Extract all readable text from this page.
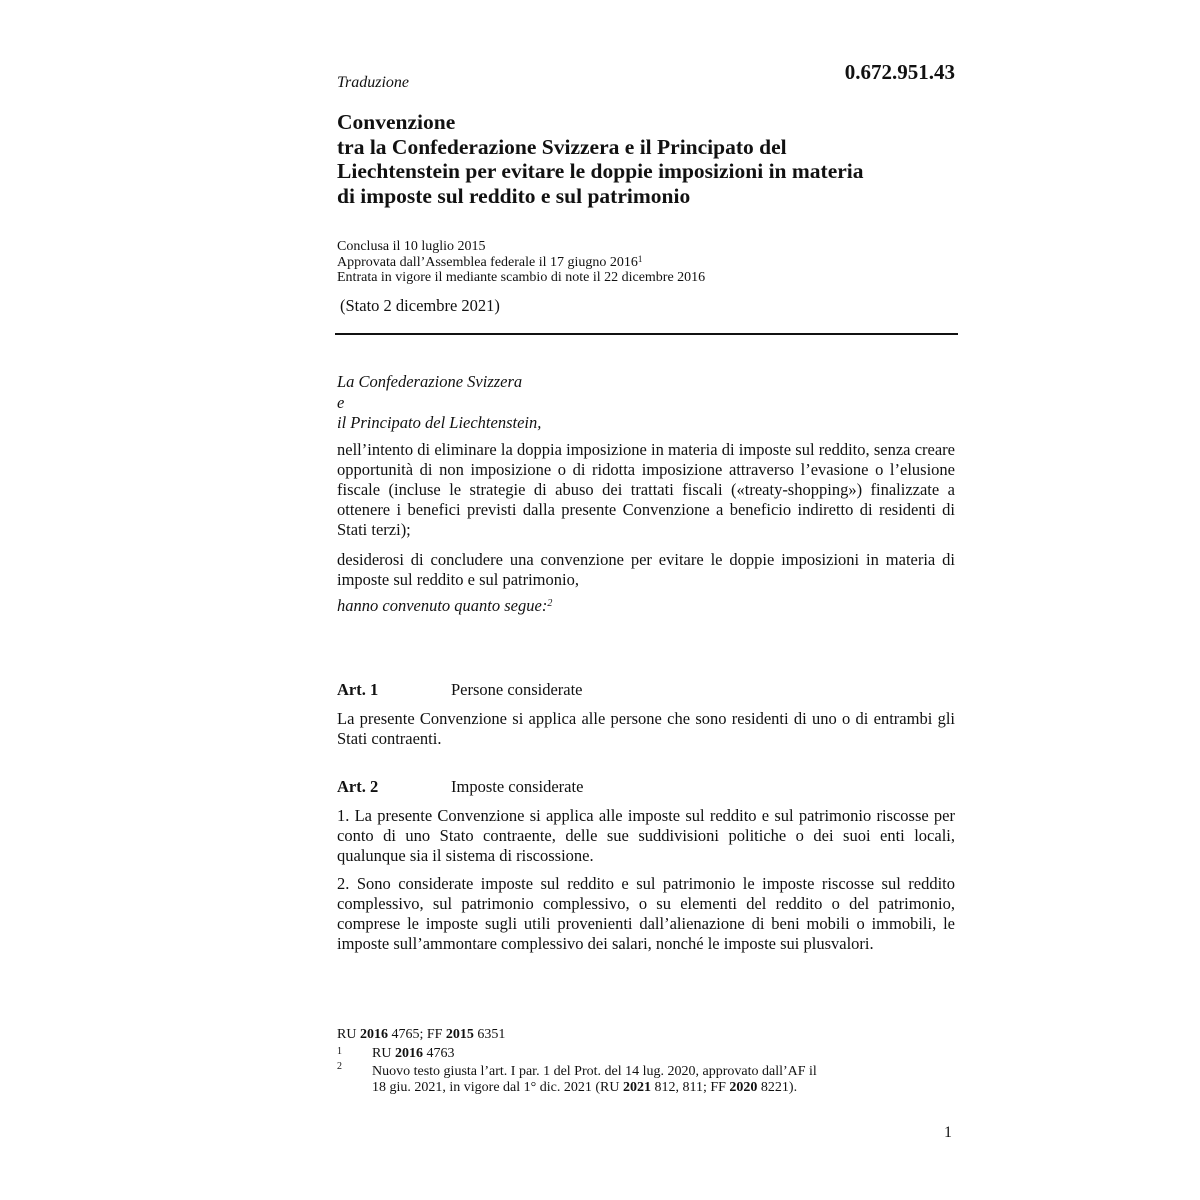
0.672.951.43
Traduzione
Convenzione
tra la Confederazione Svizzera e il Principato del
Liechtenstein per evitare le doppie imposizioni in materia
di imposte sul reddito e sul patrimonio
Conclusa il 10 luglio 2015
Approvata dall’Assemblea federale il 17 giugno 2016$^1$
Entrata in vigore il mediante scambio di note il 22 dicembre 2016
(Stato 2 dicembre 2021)
La Confederazione Svizzera
e
il Principato del Liechtenstein,
nell’intento di eliminare la doppia imposizione in materia di imposte sul reddito, senza creare opportunità di non imposizione o di ridotta imposizione attraverso l’evasione o l’elusione fiscale (incluse le strategie di abuso dei trattati fiscali («treaty-shopping») finalizzate a ottenere i benefici previsti dalla presente Convenzione a beneficio indiretto di residenti di Stati terzi);
desiderosi di concludere una convenzione per evitare le doppie imposizioni in materia di imposte sul reddito e sul patrimonio,
hanno convenuto quanto segue:$^2$
Art. 1	Persone considerate
La presente Convenzione si applica alle persone che sono residenti di uno o di entrambi gli Stati contraenti.
Art. 2	Imposte considerate
1. La presente Convenzione si applica alle imposte sul reddito e sul patrimonio riscosse per conto di uno Stato contraente, delle sue suddivisioni politiche o dei suoi enti locali, qualunque sia il sistema di riscossione.
2. Sono considerate imposte sul reddito e sul patrimonio le imposte riscosse sul reddito complessivo, sul patrimonio complessivo, o su elementi del reddito o del patrimonio, comprese le imposte sugli utili provenienti dall’alienazione di beni mobili o immobili, le imposte sull’ammontare complessivo dei salari, nonché le imposte sui plusvalori.
RU 2016 4765; FF 2015 6351
1 RU 2016 4763
2 Nuovo testo giusta l’art. I par. 1 del Prot. del 14 lug. 2020, approvato dall’AF il
18 giu. 2021, in vigore dal 1° dic. 2021 (RU 2021 812, 811; FF 2020 8221).
1
